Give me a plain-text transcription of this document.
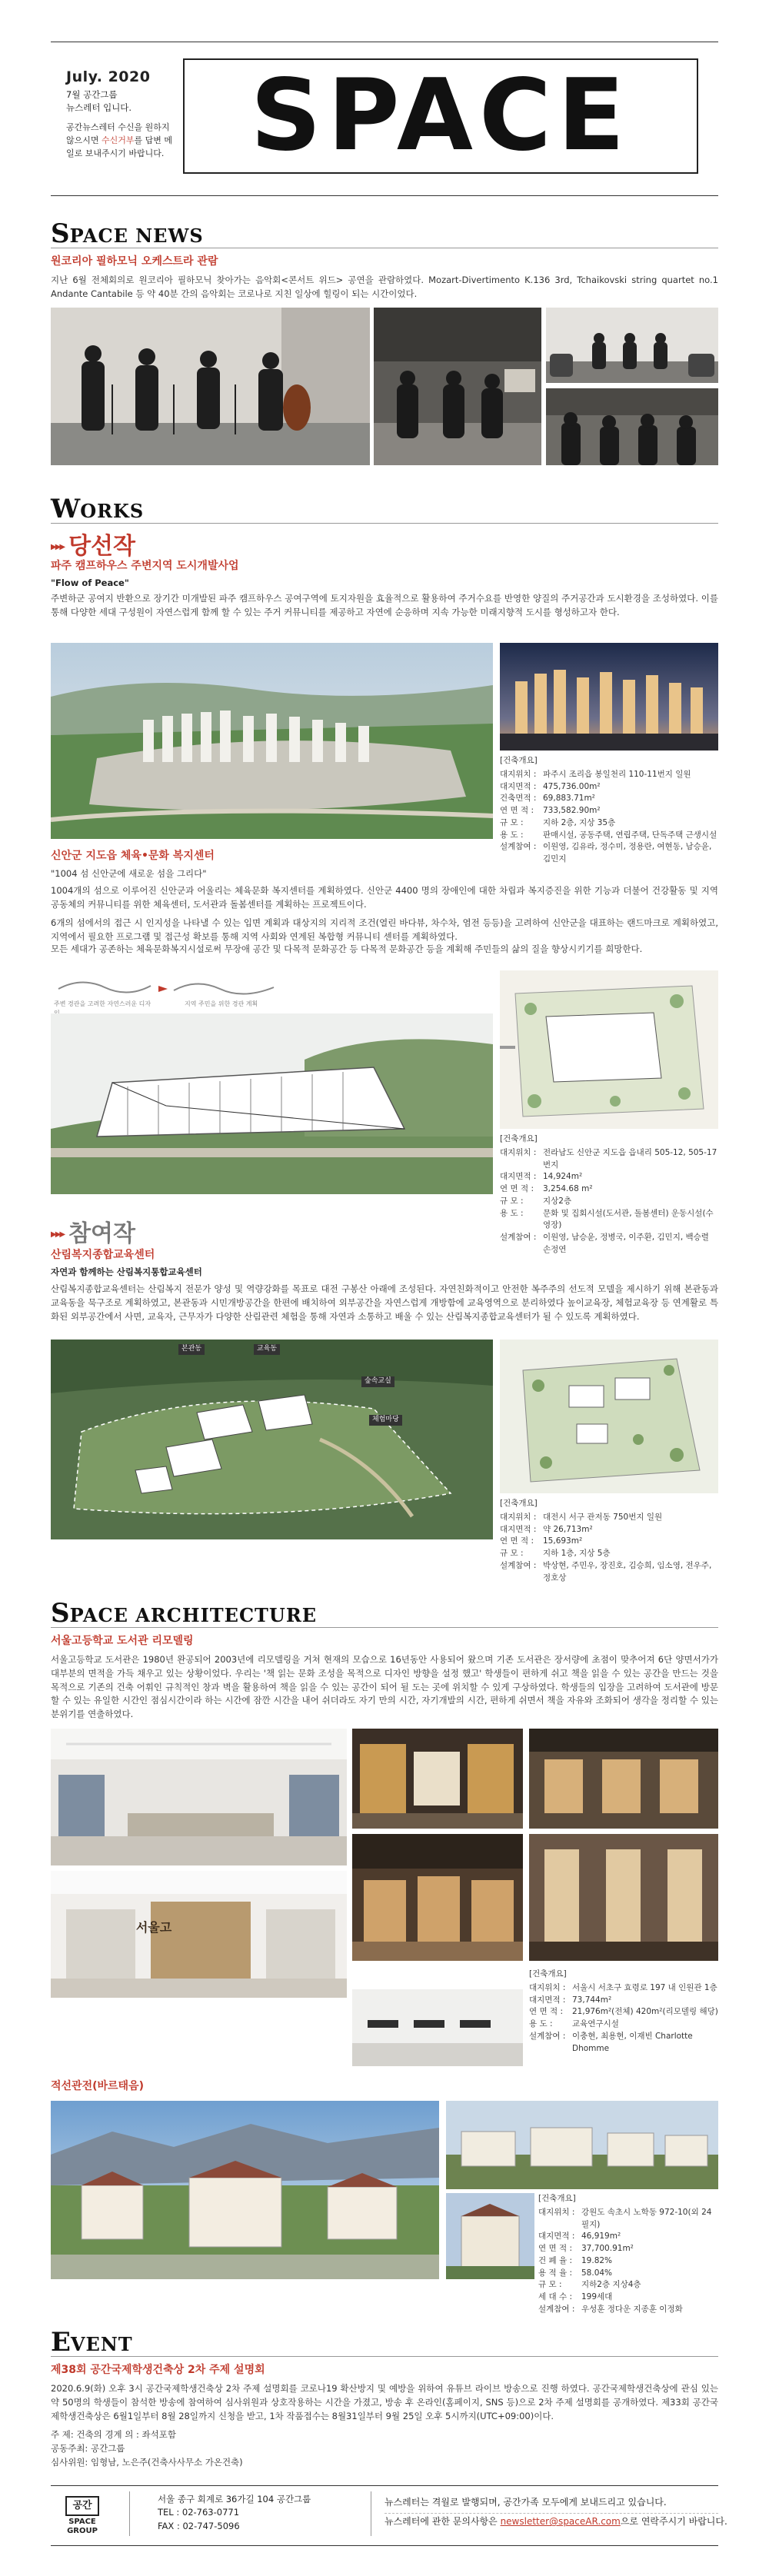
July. 2020
7월 공간그룹
뉴스레터 입니다.
공간뉴스레터 수신을 원하지 않으시면 수신거부를 답변 메일로 보내주시기 바랍니다. SPACE
SPACE NEWS
원코리아 필하모닉 오케스트라 관람
지난 6월 전체회의로 원코리아 필하모닉 찾아가는 음악회<콘서트 위드> 공연을 관람하였다. Mozart-Divertimento K.136 3rd, Tchaikovski string quartet no.1 Andante Cantabile 등 약 40분 간의 음악회는 코로나로 지친 일상에 힐링이 되는 시간이었다.
WORKS
▶▶▶ 당선작
파주 캠프하우스 주변지역 도시개발사업
"Flow of Peace"
주변하군 공여지 반환으로 장기간 미개발된 파주 캠프하우스 공여구역에 토지자원을 효율적으로 활용하여 주거수요를 반영한 양질의 주거공간과 도시환경을 조성하였다. 이를 통해 다양한 세대 구성원이 자연스럽게 함께 할 수 있는 주거 커뮤니티를 제공하고 자연에 순응하며 지속 가능한 미래지향적 도시를 형성하고자 한다.
[건축개요]
대지위치 : 파주시 조리읍 봉일천리 110-11번지 일원
대지면적 : 475,736.00m²
건축면적 : 69,883.71m²
연 면 적 :	733,582.90m²
규 모 :	지하 2층, 지상 35층
용 도 :	판매시설, 공동주택, 연립주택, 단독주택 근생시설
설계참여 : 이원영, 김유라, 정수미, 정용란, 여현동, 남승윤, 김민지
신안군 지도읍 체육•문화 복지센터
"1004 섬 신안군에 새로운 섬을 그리다"
1004개의 섬으로 이루어진 신안군과 어울리는 체육문화 복지센터를 계획하였다. 신안군 4400 명의 장애인에 대한 차립과 복지증진을 위한 기능과 더불어 건강활동 및 지역공동체의 커뮤니티를 위한 체육센터, 도서관과 돌봄센터를 계획하는 프로젝트이다.
6개의 섬에서의 접근 시 인지성을 나타낼 수 있는 입면 계획과 대상지의 지리적 조건(열린 바다뷰, 차수차, 염전 등등)을 고려하여 신안군을 대표하는 랜드마크로 계획하였고, 지역에서 필요한 프로그램 및 접근성 확보를 통해 지역 사회와 연계된 복합형 커뮤니티 센터를 계획하였다.
모든 세대가 공존하는 체육문화복지시설로써 무장애 공간 및 다목적 문화공간 등 다목적 문화공간 등을 계획해 주민들의 삶의 질을 향상시키기를 희망한다.
주변 경관을 고려한 자연스러운 디자	지역 주민을 위한 경관 계획
[건축개요]
대지위치 : 전라남도 신안군 지도읍 읍내리 505-12, 505-17번지
대지면적 : 14,924m²
연 면 적 :	3,254.68 m²
규 모 :	지상2층
용 도 :	문화 및 집회시설(도서관, 돌봄센터) 운동시설(수영장)
설계참여 : 이원영, 남승윤, 정병국, 이주환, 김민지, 백승렬 손정연
▶▶▶ 참여작
산림복지종합교육센터
자연과 함께하는 산림복지통합교육센터
산림복지종합교육센터는 산림복지 전문가 양성 및 역량강화를 목표로 대전 구봉산 아래에 조성된다. 자연친화적이고 안전한 복주주의 선도적 모델을 제시하기 위해 본관동과 교육동을 묵구조로 계획하였고, 본관동과 시민개방공간을 한편에 배치하여 외부공간을 자연스럽게 개방함에 교육영역으로 분리하였다 높이교육장, 체험교육장 등 연계활로 특화된 외부공간에서 사면, 교육자, 근무자가 다양한 산림관련 체험을 통해 자연과 소통하고 배울 수 있는 산림복지종합교육센터가 될 수 있도록 계획하였다.
본관동	교육동
숲속교실
체험마당
[건축개요]
대지위치 : 대전시 서구 관저동 750번지 일원
대지면적 : 약 26,713m²
연 면 적 :	15,693m²
규 모 :	지하 1층, 지상 5층
설계참여 : 박상현, 주민우, 장진호, 김승희, 임소영, 전우주, 정호상
SPACE ARCHITECTURE
서울고등학교 도서관 리모델링
서울고등학교 도서관은 1980년 완공되어 2003년에 리모델링을 거쳐 현재의 모습으로 16년동안 사용되어 왔으며 기존 도서관은 장서량에 초점이 맞추어져 6단 양면서가가 대부분의 면적을 가득 채우고 있는 상황이었다. 우리는 '책 읽는 문화 조성을 목적으로 디자인 방향을 설정 했고' 학생들이 편하게 쉬고 책을 읽을 수 있는 공간을 만드는 것을 목적으로 기존의 건축 어휘인 규칙적인 창과 벽을 활용하여 책을 읽을 수 있는 공간이 되어 될 도는 곳에 위치할 수 있게 구상하였다. 학생들의 입장을 고려하여 도서관에 방문할 수 있는 유일한 시간인 점심시간이라 하는 시간에 잠깐 시간을 내어 쉬더라도 자기 만의 시간, 자기개발의 시간, 편하게 쉬면서 책을 자유와 조화되어 생각을 정리할 수 있는 분위기를 연출하였다.
서울고
[건축개요]
대지위치 : 서울시 서초구 효령로 197 내 인원관 1층
대지면적 : 73,744m²
연 면 적 :	21,976m²(전체) 420m²(리모델링 해당)
용 도 :	교육연구시설
설계참여 : 이충현, 최용현, 이재빈 Charlotte Dhomme
적선관전(바르태음)
[건축개요]
대지위치 : 강원도 속초시 노학동 972-10(외 24필지)
대지면적 : 46,919m²
연 면 적 :	37,700.91m²
건 폐 율 :	19.82%
용 적 율 :	58.04%
규 모 :	지하2층 지상4층
세 대 수 :	199세대
설계참여 : 우성훈 정다운 지종훈 이정화
EVENT
제38회 공간국제학생건축상 2차 주제 설명회
2020.6.9(화) 오후 3시 공간국제학생건축상 2차 주제 설명회를 코로나19 확산방지 및 예방을 위하여 유튜브 라이브 방송으로 진행 하였다. 공간국제학생건축상에 관심 있는 약 50명의 학생들이 참석한 방송에 참여하여 심사위원과 상호작용하는 시간을 가졌고, 방송 후 온라인(홈페이지, SNS 등)으로 2차 주제 설명회를 공개하였다. 제33회 공간국제학생건축상은 6월1일부터 8월 28일까지 신청을 받고, 1차 작품접수는 8월31일부터 9월 25일 오후 5시까지(UTC+09:00)이다.
주 제: 건축의 경계 의 : 좌석포함
공동주최: 공간그룹
심사위원: 임형남, 노은주(건축사사무소 가온건축)
공간
SPACE
GROUP
서울 종구 회계로 36가길 104 공간그룹
TEL : 02-763-0771
FAX : 02-747-5096
뉴스레터는 격월로 발행되며, 공간가족 모두에게 보내드리고 있습니다.
뉴스레터에 관한 문의사항은 newsletter@spaceAR.com으로 연락주시기 바랍니다.
